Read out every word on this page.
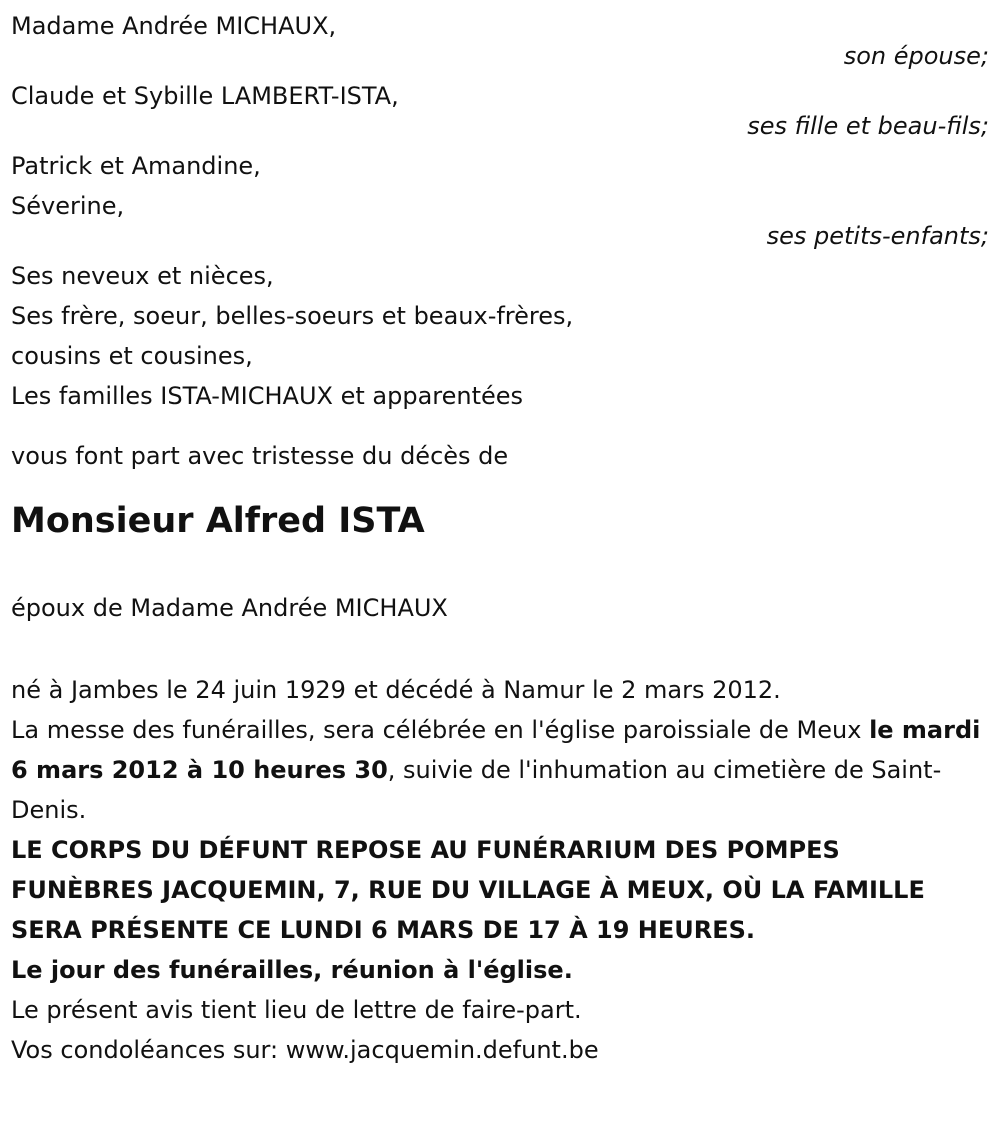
Madame Andrée MICHAUX,
son épouse;
Claude et Sybille LAMBERT-ISTA,
ses fille et beau-fils;
Patrick et Amandine,
Séverine,
ses petits-enfants;
Ses neveux et nièces,
Ses frère, soeur, belles-soeurs et beaux-frères,
cousins et cousines,
Les familles ISTA-MICHAUX et apparentées

vous font part avec tristesse du décès de

Monsieur Alfred ISTA

époux de Madame Andrée MICHAUX

né à Jambes le 24 juin 1929 et décédé à Namur le 2 mars 2012.

La messe des funérailles, sera célébrée en l'église paroissiale de Meux le mardi 6 mars 2012 à 10 heures 30, suivie de l'inhumation au cimetière de Saint-Denis.

LE CORPS DU DÉFUNT REPOSE AU FUNÉRARIUM DES POMPES FUNÈBRES JACQUEMIN, 7, RUE DU VILLAGE À MEUX, OÙ LA FAMILLE SERA PRÉSENTE CE LUNDI 6 MARS DE 17 À 19 HEURES.

Le jour des funérailles, réunion à l'église.

Le présent avis tient lieu de lettre de faire-part.

Vos condoléances sur: www.jacquemin.defunt.be
